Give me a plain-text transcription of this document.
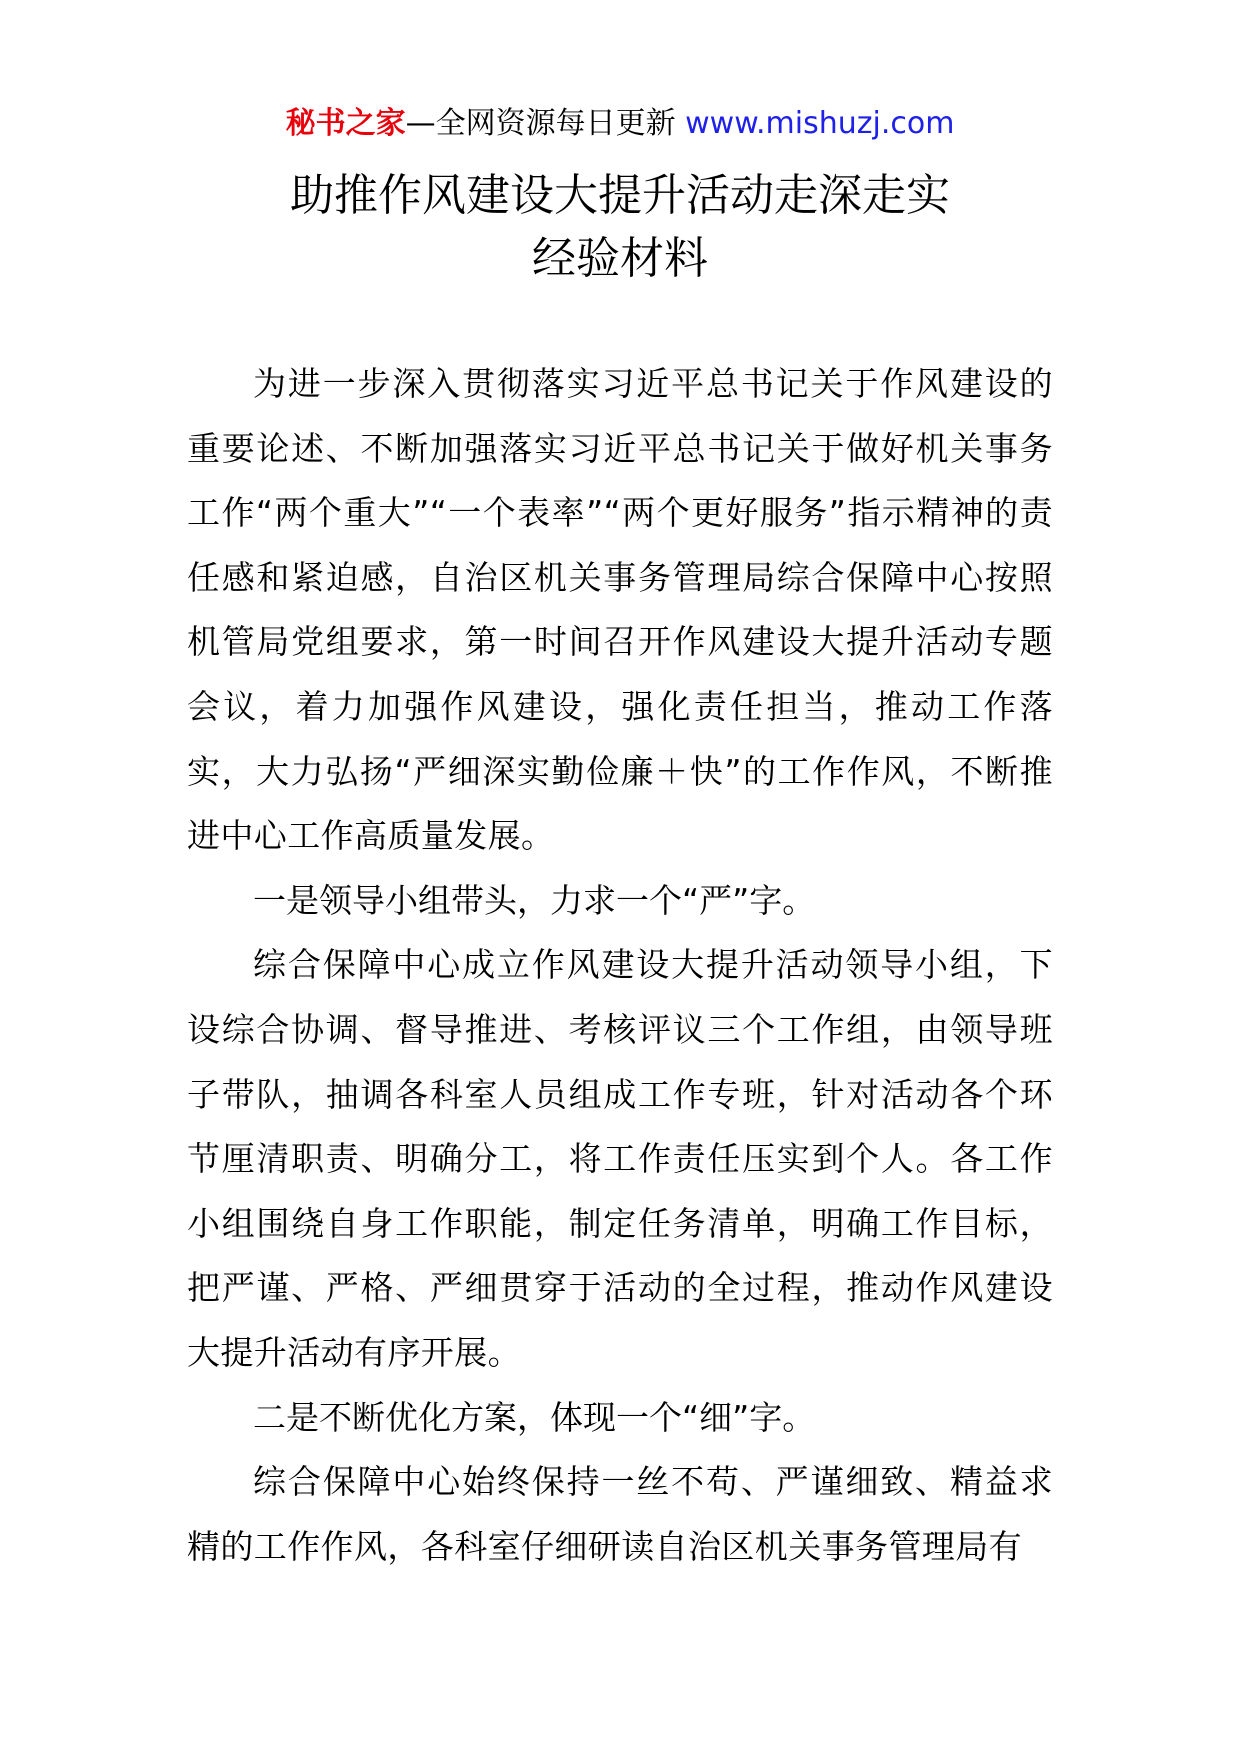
秘书之家—全网资源每日更新 www.mishuzj.com
助推作风建设大提升活动走深走实
经验材料

为进一步深入贯彻落实习近平总书记关于作风建设的重要论述、不断加强落实习近平总书记关于做好机关事务工作“两个重大”“一个表率”“两个更好服务”指示精神的责任感和紧迫感，自治区机关事务管理局综合保障中心按照机管局党组要求，第一时间召开作风建设大提升活动专题会议，着力加强作风建设，强化责任担当，推动工作落实，大力弘扬“严细深实勤俭廉＋快”的工作作风，不断推进中心工作高质量发展。

一是领导小组带头，力求一个“严”字。

综合保障中心成立作风建设大提升活动领导小组，下设综合协调、督导推进、考核评议三个工作组，由领导班子带队，抽调各科室人员组成工作专班，针对活动各个环节厘清职责、明确分工，将工作责任压实到个人。各工作小组围绕自身工作职能，制定任务清单，明确工作目标，把严谨、严格、严细贯穿于活动的全过程，推动作风建设大提升活动有序开展。

二是不断优化方案，体现一个“细”字。

综合保障中心始终保持一丝不苟、严谨细致、精益求精的工作作风，各科室仔细研读自治区机关事务管理局有
